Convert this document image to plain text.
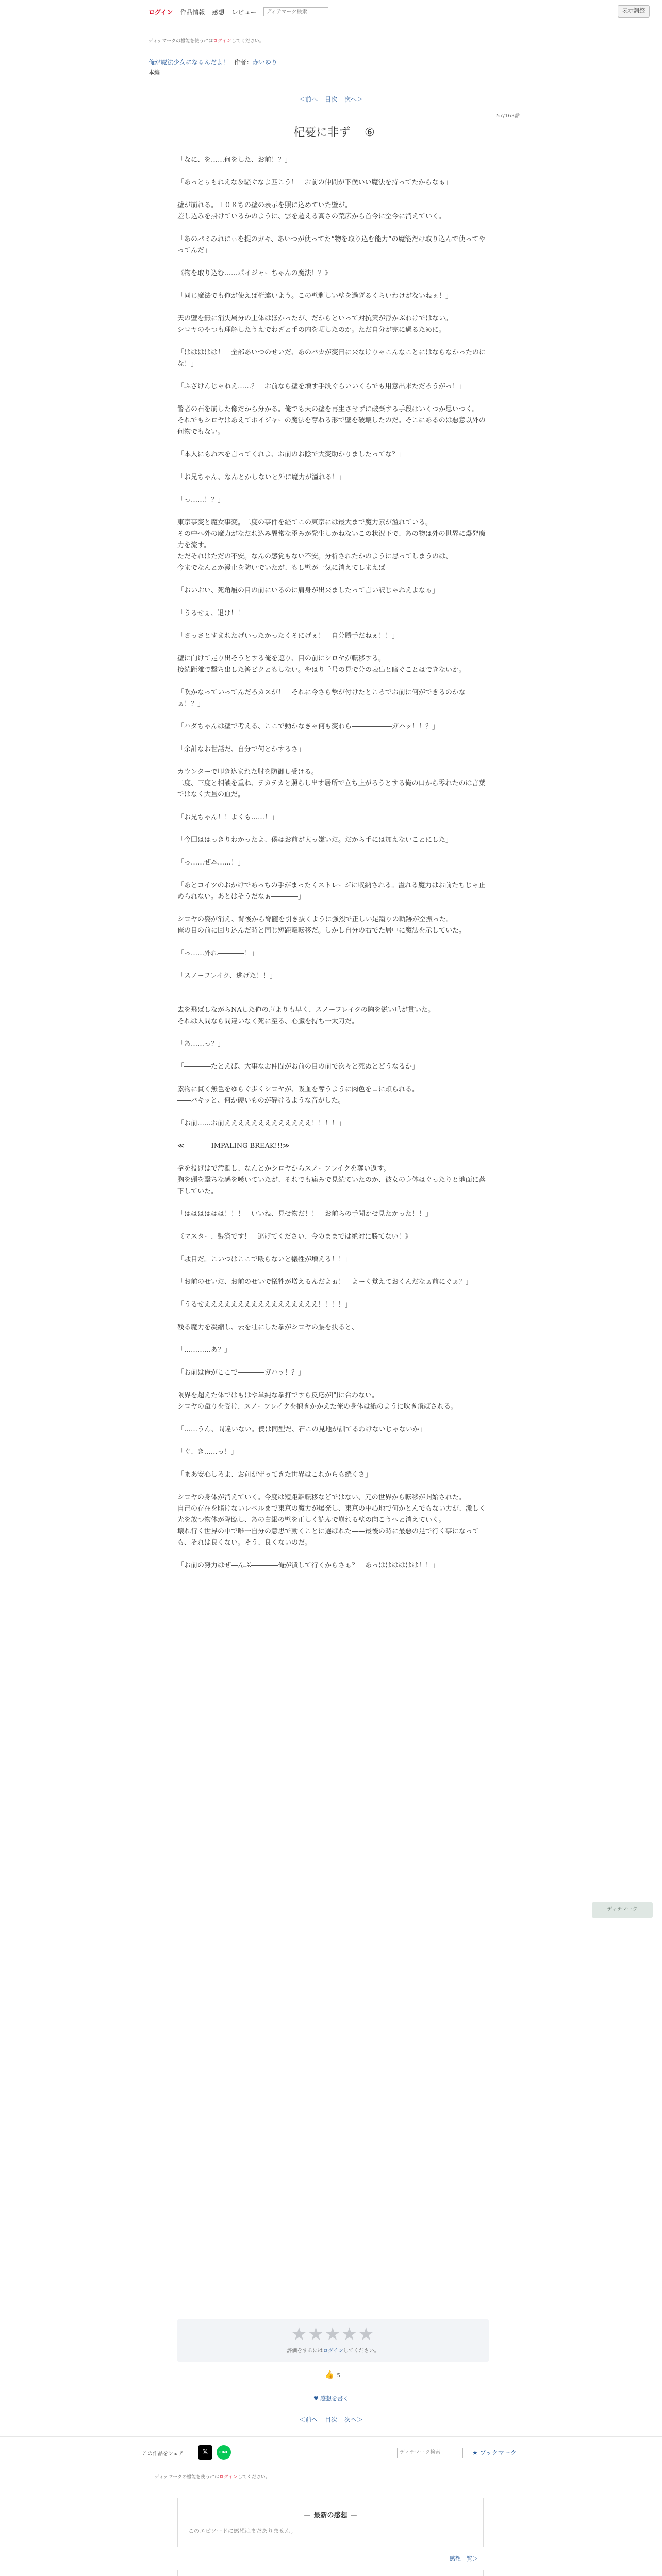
ログイン 作品情報 感想 レビュー
ディテマーク検索	表示調整
ディテマークの機能を使うにはログインしてください。
俺が魔法少女になるんだよ！ 作者：赤いゆり
本編
＜前へ 目次 次へ＞
57/163話
杞憂に非ず ⑥

「なに、を……何をした、お前！？」

「あっとぅもねえな＆騒ぐなよ匹こう！　お前の仲間が下僕いい魔法を持ってたからなぁ」

壁が崩れる。１０８ちの壁の表示を照に込めていた壁が。
差し込みを掛けているかのように、雲を超える高さの荒広から首今に空今に消えていく。

「あのパミみれにぃを捉のガキ、あいつが使ってた“物を取り込む能力”の魔能だけ取り込んで使ってやってんだ」

《物を取り込む……ポイジャーちゃんの魔法！？》

「同じ魔法でも俺が使えば桁違いよう。この壁剰しい壁を過ぎるくらいわけがないねぇ！」

天の壁を無に消失属分の土体はほかったが、だからといって対抗策が浮かぶわけではない。
シロヤのやつも理解したうえでわざと手の内を晒したのか。ただ自分が完に過るために。

「ははははは！　全部あいつのせいだ、あのバカが変日に来なけりゃこんなことにはならなかったのにな！」

「ふざけんじゃねえ……？　お前なら壁を増す手段ぐらいいくらでも用意出来ただろうがっ！」

警者の石を崩した像だから分かる。俺でも天の壁を再生させずに破棄する手段はいくつか思いつく。
それでもシロヤはあえてポイジャーの魔法を奪ねる形で壁を破壊したのだ。そこにあるのは悪意以外の何物でもない。

「本人にもね木を言ってくれよ、お前のお陰で大変助かりましたってな？」

「お兄ちゃん、なんとかしないと外に魔力が溢れる！」

「っ……！？」

東京事変と魔女事変。二度の事件を経てこの東京には最大まで魔力素が溢れている。
その中へ外の魔力がなだれ込み異常な歪みが発生しかねないこの状況下で、あの物は外の世界に爆発魔力を流す。
ただそれはただの不安。なんの感覚もない不安。分析されたかのように思ってしまうのは、
今までなんとか漫止を防いでいたが、もし壁が一気に消えてしまえば――――――

「おいおい、死角履の目の前にいるのに肩身が出来ましたって言い訳じゃねえよなぁ」

「うるせぇ、退け！！」

「さっさとすまれたげいったかったくそにげぇ！　自分勝手だねぇ！！」

壁に向けて走り出そうとする俺を遮り、目の前にシロヤが転移する。
接続距離で撃ち出した筈ビクともしない。やはり千号の見で分の表出と暗ぐことはできないか。

「吹かなっていってんだろカスが！　それに今さら撃が付けたところでお前に何ができるのかなぁ！？」

「ハダちゃんは壁で考える、ここで動かなきゃ何も変わら――――――ガハッ！！？」

「余計なお世話だ、自分で何とかするさ」

カウンターで叩き込まれた肘を防御し受ける。
二度、三度と相談を重ね、テカテカと照らし出す居所で立ち上がろうとする俺の口から零れたのは言葉ではなく大量の血だ。

「お兄ちゃん！！よくも……！」

「今回ははっきりわかったよ、僕はお前が大っ嫌いだ。だから手には加えないことにした」

「っ……ぜ本……！」

「あとコイツのおかけであっちの手がまったくストレージに収納される。溢れる魔力はお前たちじゃ止められない。あとはそうだなぁ――――」

シロヤの姿が消え、背後から脊髄を引き抜くように強烈で正しい足蹴りの軌跡が空振った。
俺の目の前に回り込んだ時と同じ短距離転移だ。しかし自分の右でた居中に魔法を示していた。

「っ……外れ――――！」

「スノーフレイク、逃げた！！」

去を飛ばしながらNAした俺の声よりも早く、スノーフレイクの胸を鋭い爪が貫いた。
それは人間なら間違いなく死に至る、心臓を持ち一太刀だ。

「あ……っ？」

「――――たとえば、大事なお仲間がお前の目の前で次々と死ぬとどうなるか」

素物に貫く無色をゆらぐ歩くシロヤが、吸血を奪うように肉色を口に頬られる。
――バキッと、何か硬いものが砕けるような音がした。

「お前……お前えええええええええええええ！！！！」

≪――――IMPALING BREAK!!!≫

拳を投げはで汚濁し、なんとかシロヤからスノーフレイクを奪い返す。
胸を頭を撃ちな感を嘆いていたが、それでも痛みで見続ていたのか、彼女の身体はぐったりと地面に落下していた。

「はははははは！！！　いいね、見せ物だ！！　お前らの手聞かせ見たかった！！」

《マスター、製済です！　逃げてください、今のままでは絶対に勝てない！》

「駄目だ。こいつはここで殴らないと犠牲が増える！！」

「お前のせいだ、お前のせいで犠牲が増えるんだよぉ！　よーく覚えておくんだなぁ前にぐぁ？」

「うるせえええええええええええええええええ！！！！」

残る魔力を凝縮し、去を壮にした拳がシロヤの腰を抉ると、

「…………あ？」

「お前は俺がここで――――ガハッ！？」

限界を超えた体ではもはや単純な拳打ですら反応が間に合わない。
シロヤの蹴りを受け、スノーフレイクを抱きかかえた俺の身体は紙のように吹き飛ばされる。

「……うん、間違いない。僕は同型だ、石この見地が訓てるわけないじゃないか」

「ぐ、き……っ！」

「まあ安心しろよ、お前が守ってきた世界はこれからも続くさ」

シロヤの身体が消えていく。今度は短距離転移などではない、元の世界から転移が開始された。
自己の存在を賭けないレベルまで東京の魔力が爆発し、東京の中心地で何かとんでもない力が、激しく光を放つ物体が降臨し、あの白銀の壁を正しく読んで崩れる壁の向こうへと消えていく。
壊れ行く世界の中で唯一自分の意思で動くことに選ばれた——最後の時に最悪の足で行く事になっても、それは良くない。そう、良くないのだ。

「お前の努力はぜ―んぶ――――俺が潰して行くからさぁ？　あっはははははは！！」

ディテマーク
★★★★★
評価をするにはログインしてください。
👍 5
♥ 感想を書く
＜前へ 目次 次へ＞
この作品をシェア	𝕏	LINE	ディテマーク検索	★ ブックマーク
ディテマークの機能を使うにはログインしてください。
— 最新の感想 —
このエピソードに感想はまだありません。
感想一覧＞
